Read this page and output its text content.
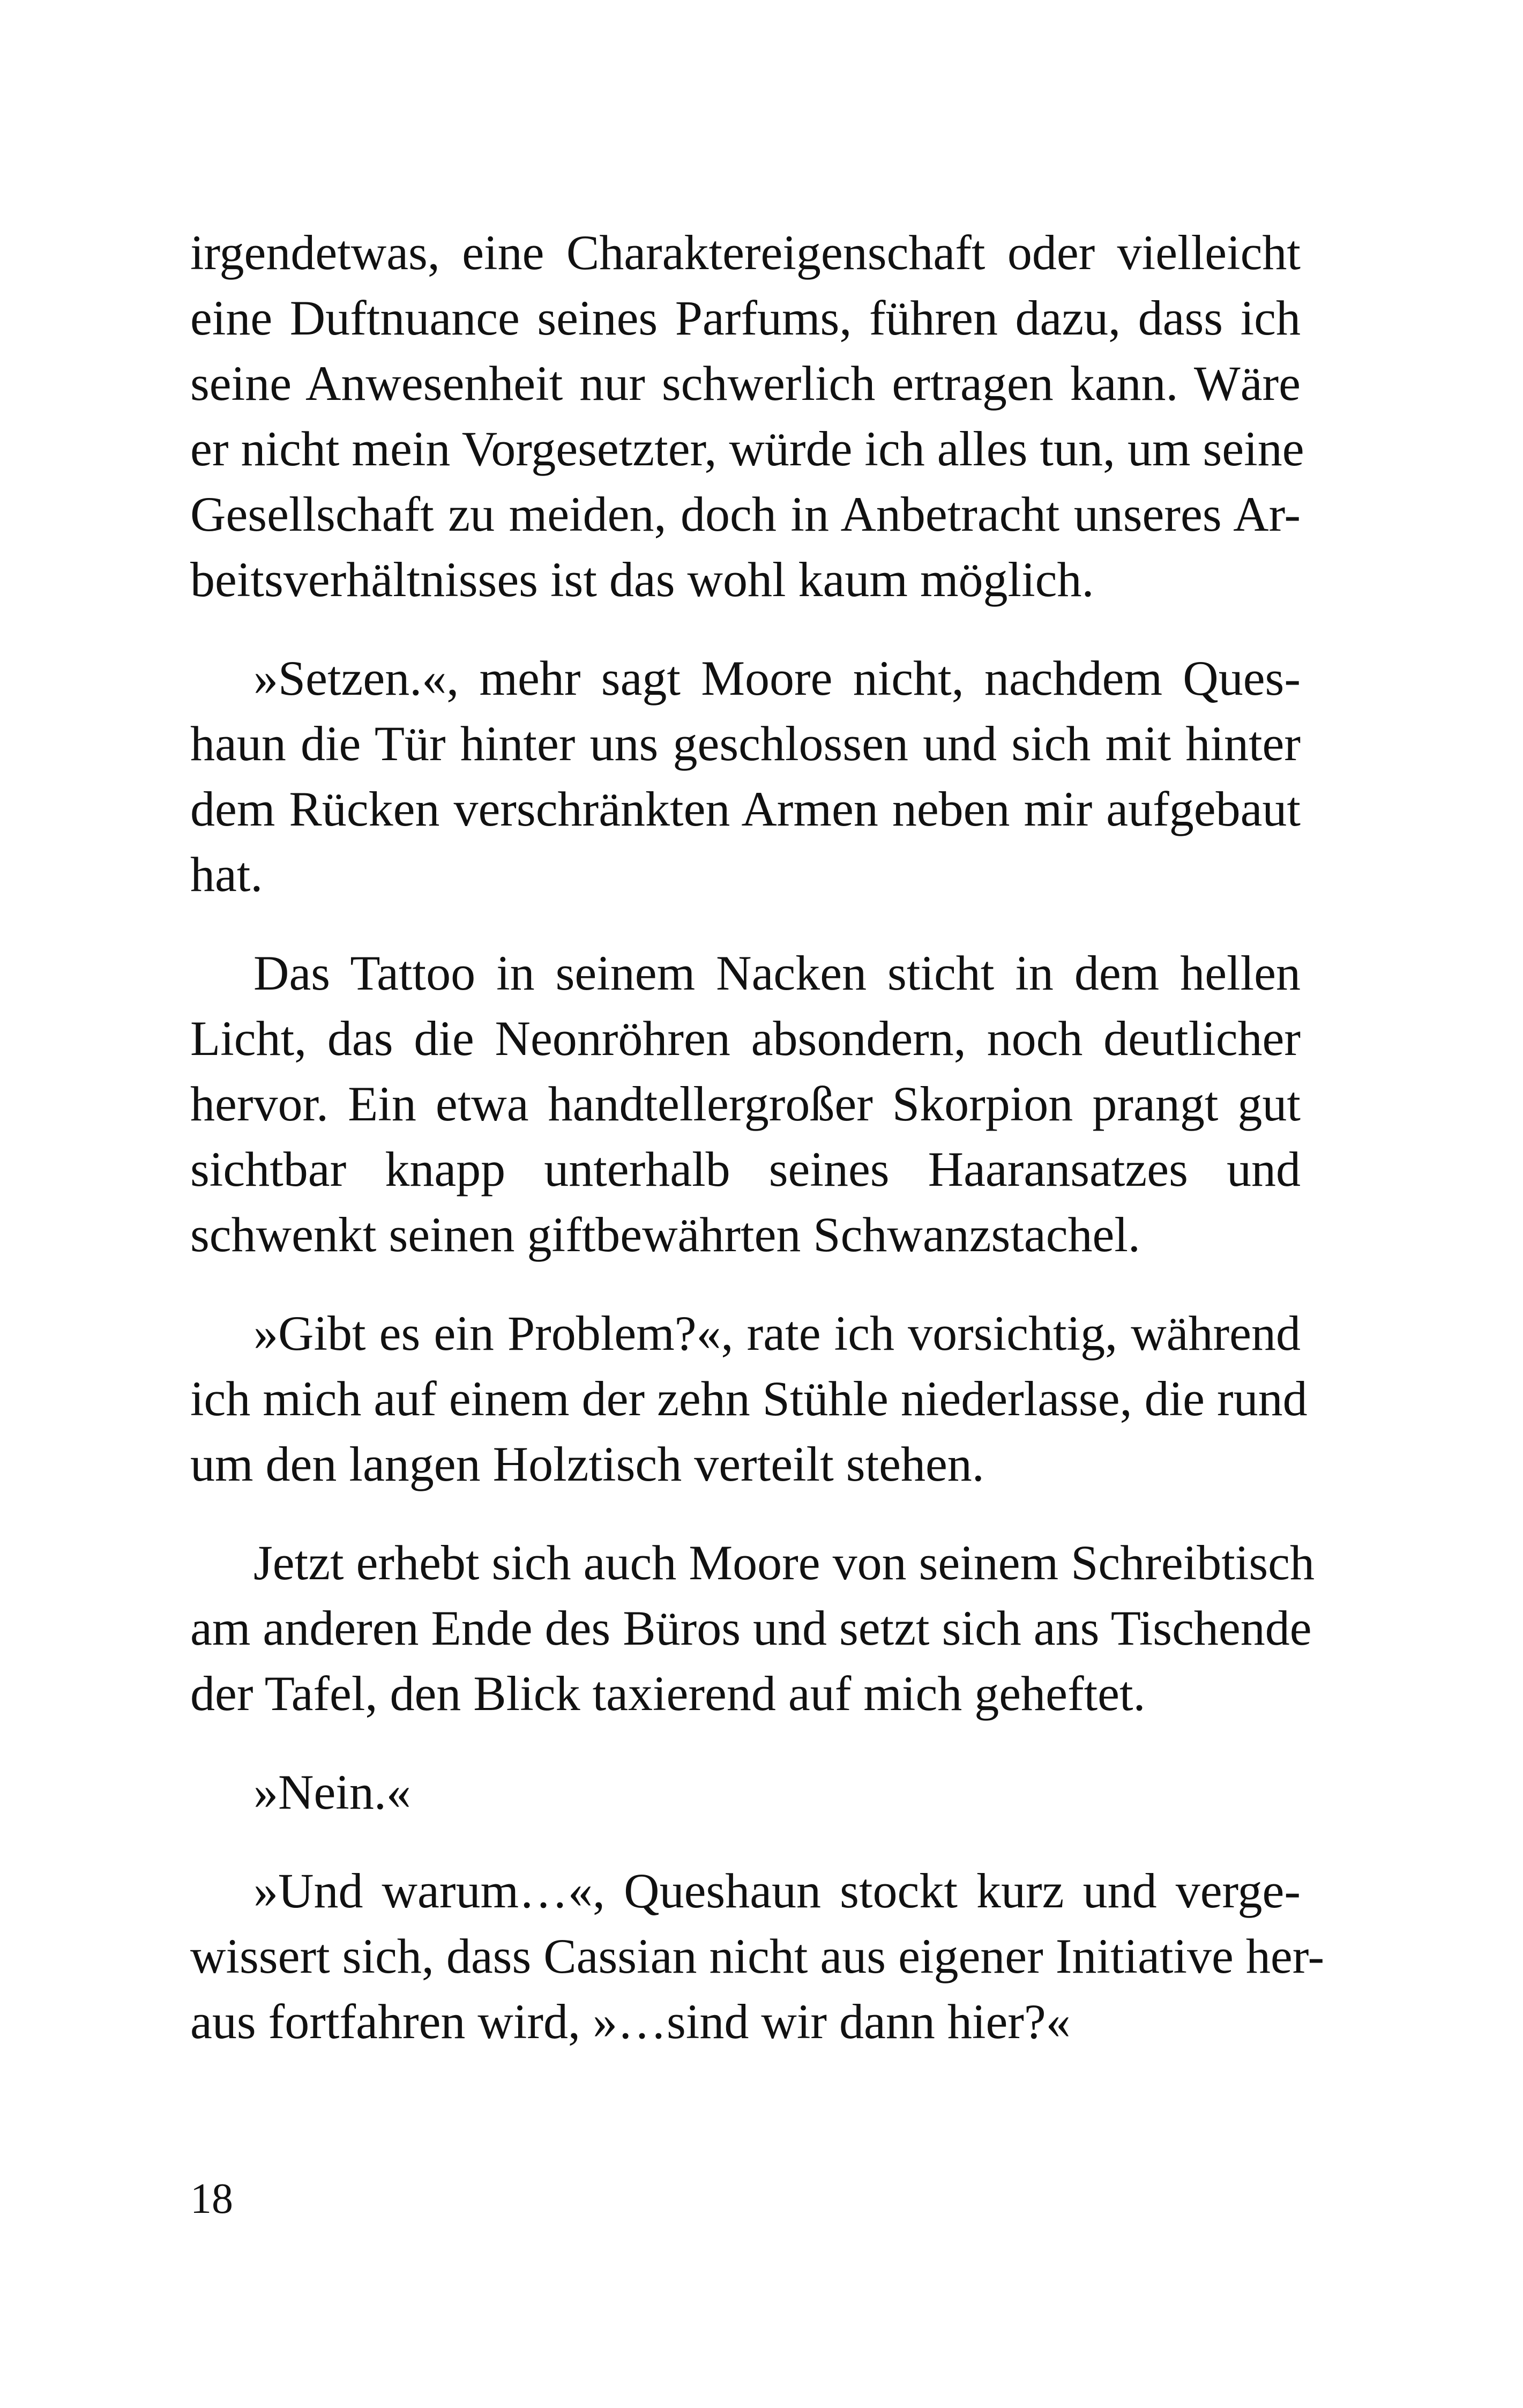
irgendetwas, eine Charaktereigenschaft oder vielleicht
eine Duftnuance seines Parfums, führen dazu, dass ich
seine Anwesenheit nur schwerlich ertragen kann. Wäre
er nicht mein Vorgesetzter, würde ich alles tun, um seine
Gesellschaft zu meiden, doch in Anbetracht unseres Ar-
beitsverhältnisses ist das wohl kaum möglich.

»Setzen.«, mehr sagt Moore nicht, nachdem Ques-
haun die Tür hinter uns geschlossen und sich mit hinter
dem Rücken verschränkten Armen neben mir aufgebaut
hat.

Das Tattoo in seinem Nacken sticht in dem hellen
Licht, das die Neonröhren absondern, noch deutlicher
hervor. Ein etwa handtellergroßer Skorpion prangt gut
sichtbar knapp unterhalb seines Haaransatzes und
schwenkt seinen giftbewährten Schwanzstachel.

»Gibt es ein Problem?«, rate ich vorsichtig, während
ich mich auf einem der zehn Stühle niederlasse, die rund
um den langen Holztisch verteilt stehen.

Jetzt erhebt sich auch Moore von seinem Schreibtisch
am anderen Ende des Büros und setzt sich ans Tischende
der Tafel, den Blick taxierend auf mich geheftet.

»Nein.«

»Und warum…«, Queshaun stockt kurz und verge-
wissert sich, dass Cassian nicht aus eigener Initiative her-
aus fortfahren wird, »…sind wir dann hier?«

18
